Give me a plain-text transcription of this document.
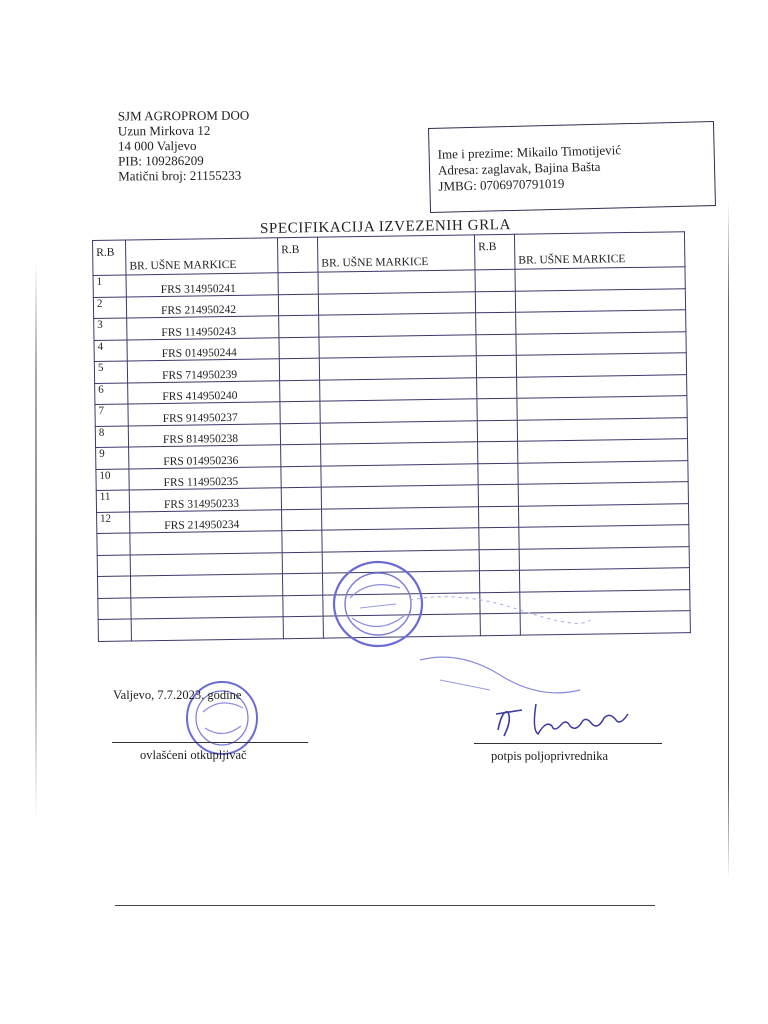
SJM AGROPROM DOO
Uzun Mirkova 12
14 000 Valjevo
PIB: 109286209
Matični broj: 21155233
Ime i prezime: Mikailo Timotijević
Adresa: zaglavak, Bajina Bašta
JMBG: 0706970791019
SPECIFIKACIJA IZVEZENIH GRLA
R.B	BR. UŠNE MARKICE	R.B	BR. UŠNE MARKICE	R.B	BR. UŠNE MARKICE
1	FRS 314950241				
2	FRS 214950242				
3	FRS 114950243				
4	FRS 014950244				
5	FRS 714950239				
6	FRS 414950240				
7	FRS 914950237				
8	FRS 814950238				
9	FRS 014950236				
10	FRS 114950235				
11	FRS 314950233				
12	FRS 214950234				

Valjevo, 7.7.2023. godine
ovlašćeni otkupljivač	potpis poljoprivrednika
